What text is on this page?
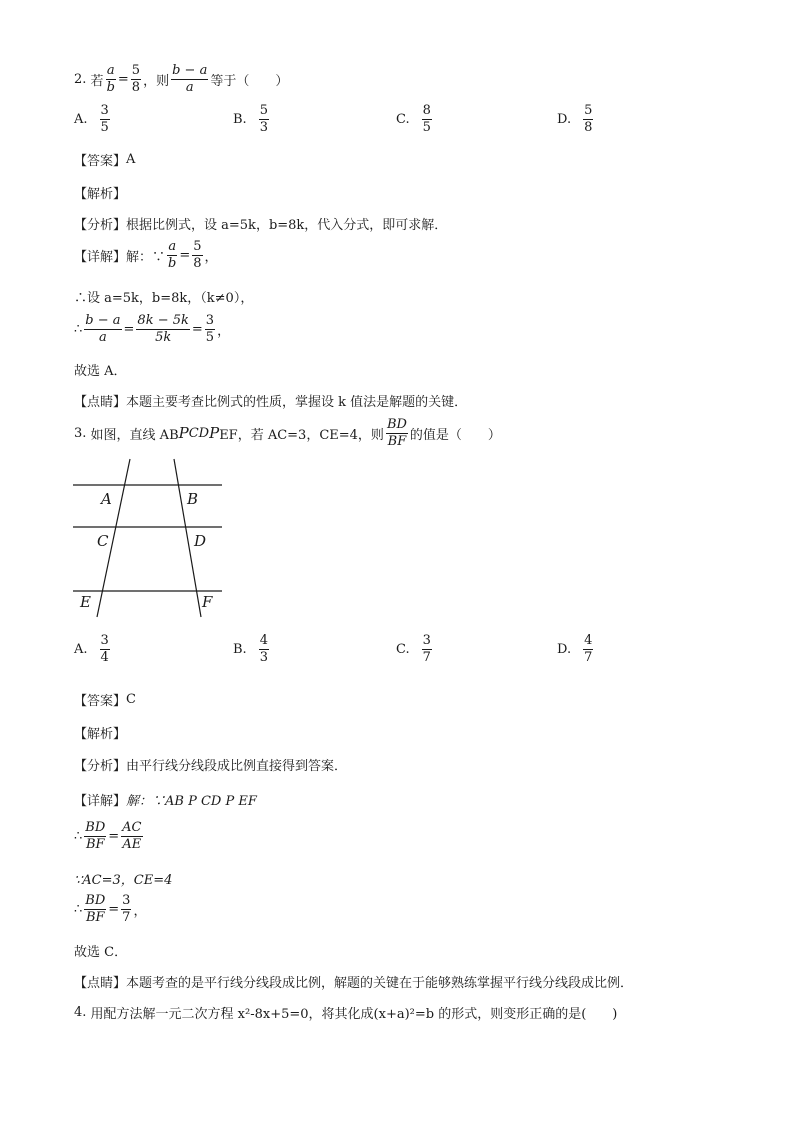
2.
若 $\frac{a}{b} = \frac{5}{8}$ ，则 $\frac{b - a}{a}$ 等于（　　）
A. $\frac{3}{5}$	B. $\frac{5}{3}$	C. $\frac{8}{5}$	D. $\frac{5}{8}$
【答案】 A
【解析】
【分析】 根据比例式，设 a=5k，b=8k，代入分式，即可求解．
【详解】 解：∵ $\frac{a}{b} = \frac{5}{8}$ ，
∴设 a=5k，b=8k，（k≠0），
∴ $\frac{b - a}{a} = \frac{8k - 5k}{5k} = \frac{3}{5}$ ，
故选 A．
【点睛】 本题主要考查比例式的性质，掌握设 k 值法是解题的关键．
3.
如图，直线 AB P CD P EF，若 AC=3，CE=4，则 $\frac{BD}{BF}$ 的值是（　　）
A	B
C	D
E	F
A. $\frac{3}{4}$	B. $\frac{4}{3}$	C. $\frac{3}{7}$	D. $\frac{4}{7}$
【答案】 C
【解析】
【分析】 由平行线分线段成比例直接得到答案．
【详解】 解：∵AB P CD P EF
∴ $\frac{BD}{BF} = \frac{AC}{AE}$
∵AC=3，CE=4
∴ $\frac{BD}{BF} = \frac{3}{7}$ ，
故选 C．
【点睛】 本题考查的是平行线分线段成比例，解题的关键在于能够熟练掌握平行线分线段成比例．
4.
用配方法解一元二次方程 x²-8x+5=0，将其化成(x+a)²=b 的形式，则变形正确的是(　　)
